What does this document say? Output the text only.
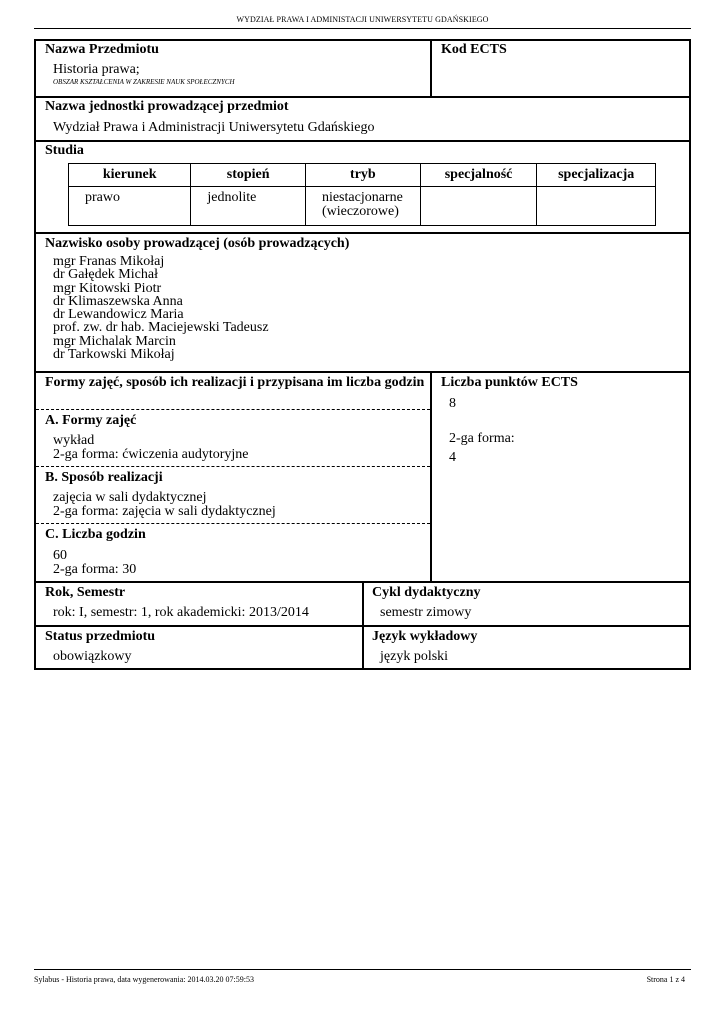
WYDZIAŁ PRAWA I ADMINISTACJI UNIWERSYTETU GDAŃSKIEGO
Nazwa Przedmiotu
Historia prawa;
OBSZAR KSZTAŁCENIA W ZAKRESIE NAUK SPOŁECZNYCH
Kod ECTS
Nazwa jednostki prowadzącej przedmiot
Wydział Prawa i Administracji Uniwersytetu Gdańskiego
Studia
kierunek	stopień	tryb	specjalność	specjalizacja
prawo	jednolite	niestacjonarne (wieczorowe)		
Nazwisko osoby prowadzącej (osób prowadzących)
mgr Franas Mikołaj
dr Gałędek Michał
mgr Kitowski Piotr
dr Klimaszewska Anna
dr Lewandowicz Maria
prof. zw. dr hab. Maciejewski Tadeusz
mgr Michalak Marcin
dr Tarkowski Mikołaj
Formy zajęć, sposób ich realizacji i przypisana im liczba godzin
A. Formy zajęć
wykład
2-ga forma: ćwiczenia audytoryjne
B. Sposób realizacji
zajęcia w sali dydaktycznej
2-ga forma: zajęcia w sali dydaktycznej
C. Liczba godzin
60
2-ga forma: 30
Liczba punktów ECTS
8
2-ga forma:
4
Rok, Semestr
rok: I, semestr: 1, rok akademicki: 2013/2014
Cykl dydaktyczny
semestr zimowy
Status przedmiotu
obowiązkowy
Język wykładowy
język polski
Sylabus - Historia prawa, data wygenerowania: 2014.03.20 07:59:53	Strona 1 z 4
